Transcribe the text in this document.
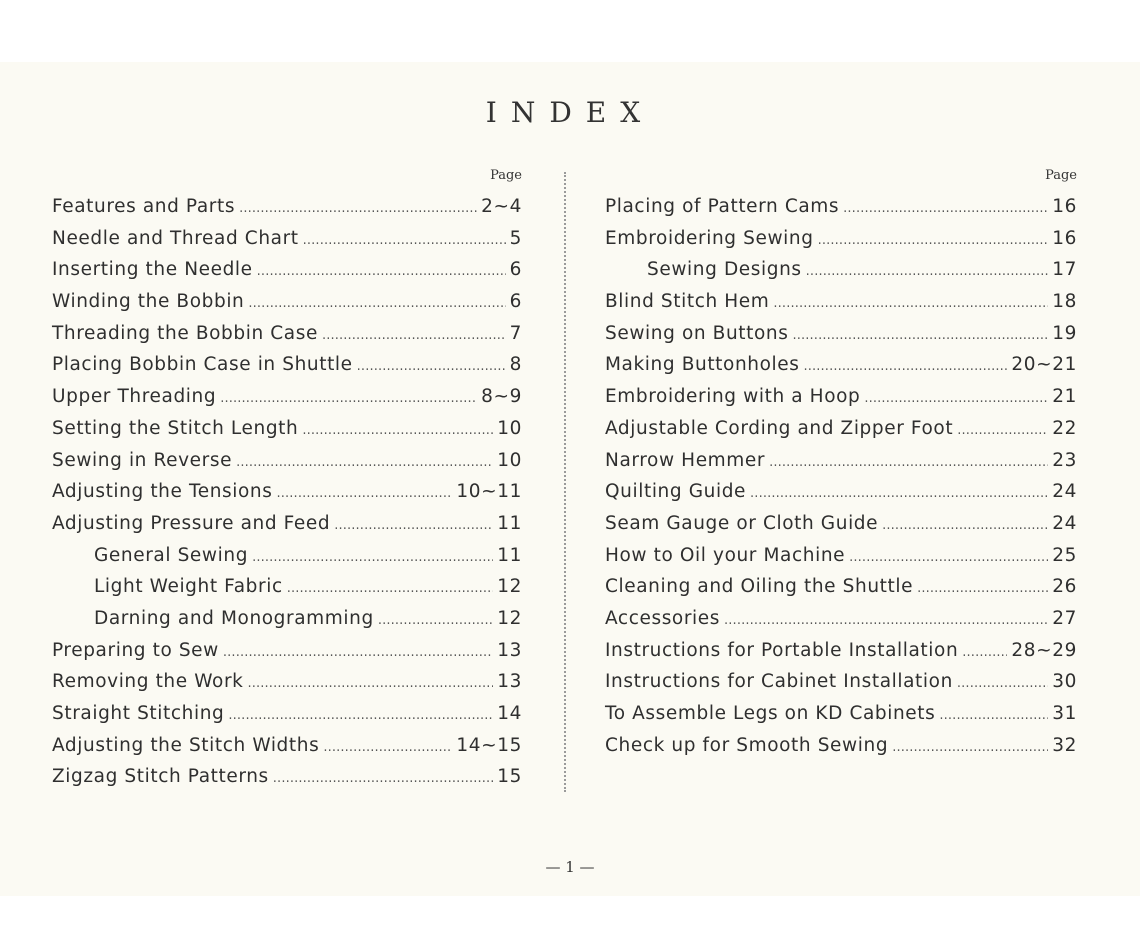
INDEX
Page
Features and Parts . . .	2~4
Needle and Thread Chart . . .	5
Inserting the Needle . . .	6
Winding the Bobbin . . .	6
Threading the Bobbin Case . . .	7
Placing Bobbin Case in Shuttle . . .	8
Upper Threading . . .	8~9
Setting the Stitch Length . . .	10
Sewing in Reverse . . .	10
Adjusting the Tensions . . .	10~11
Adjusting Pressure and Feed . . .	11
General Sewing . . .	11
Light Weight Fabric . . .	12
Darning and Monogramming . . .	12
Preparing to Sew . . .	13
Removing the Work . . .	13
Straight Stitching . . .	14
Adjusting the Stitch Widths . . .	14~15
Zigzag Stitch Patterns . . .	15
Page
Placing of Pattern Cams . . .	16
Embroidering Sewing . . .	16
Sewing Designs . . .	17
Blind Stitch Hem . . .	18
Sewing on Buttons . . .	19
Making Buttonholes . . .	20~21
Embroidering with a Hoop . . .	21
Adjustable Cording and Zipper Foot . . .	22
Narrow Hemmer . . .	23
Quilting Guide . . .	24
Seam Gauge or Cloth Guide . . .	24
How to Oil your Machine . . .	25
Cleaning and Oiling the Shuttle . . .	26
Accessories . . .	27
Instructions for Portable Installation . . .	28~29
Instructions for Cabinet Installation . . .	30
To Assemble Legs on KD Cabinets . . .	31
Check up for Smooth Sewing . . .	32
— 1 —
